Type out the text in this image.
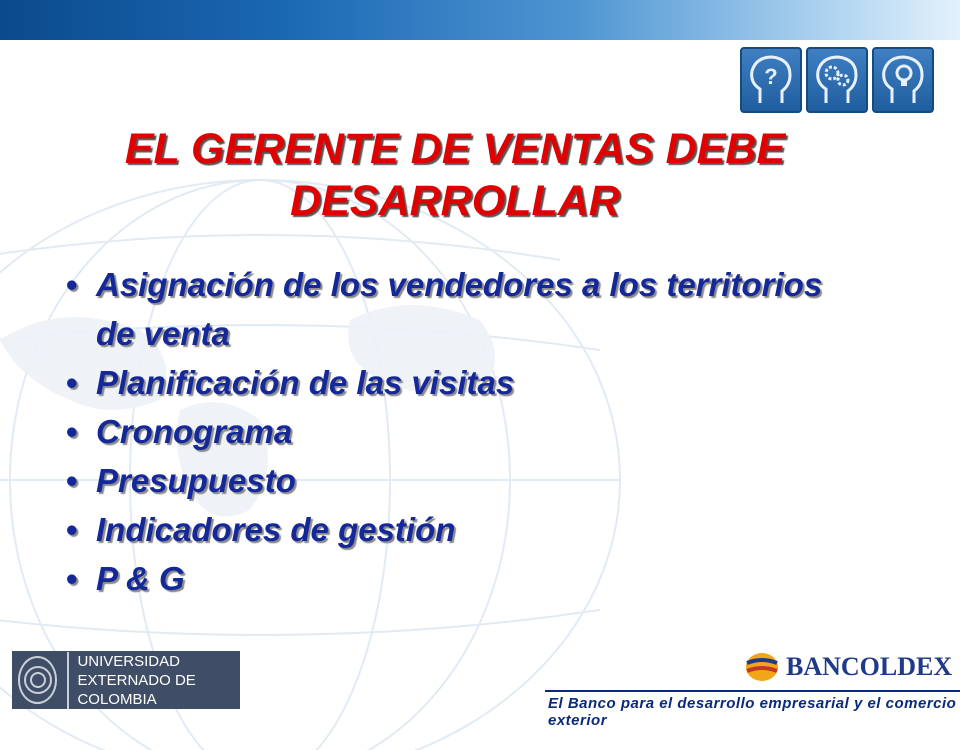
?
EL GERENTE DE VENTAS DEBE
DESARROLLAR
• Asignación de los vendedores a los territorios de venta
• Planificación de las visitas
• Cronograma
• Presupuesto
• Indicadores de gestión
• P & G
UNIVERSIDAD
EXTERNADO DE COLOMBIA
BANCOLDEX
El Banco para el desarrollo empresarial y el comercio exterior
